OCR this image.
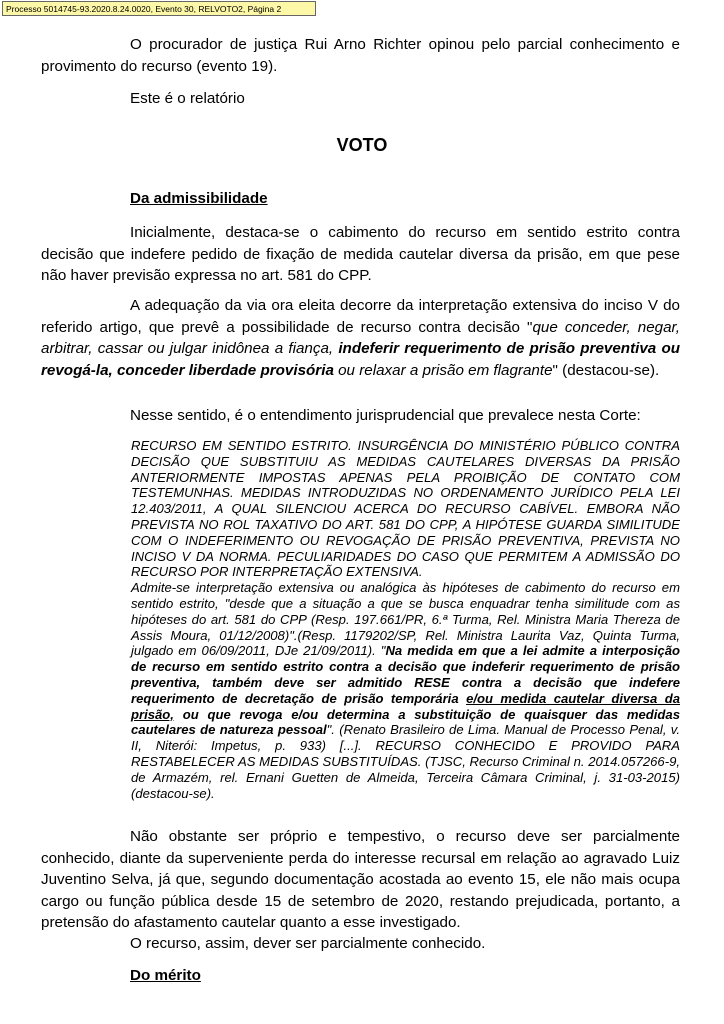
Processo 5014745-93.2020.8.24.0020, Evento 30, RELVOTO2, Página 2

O procurador de justiça Rui Arno Richter opinou pelo parcial conhecimento e provimento do recurso (evento 19).

Este é o relatório

VOTO
Da admissibilidade

Inicialmente, destaca-se o cabimento do recurso em sentido estrito contra decisão que indefere pedido de fixação de medida cautelar diversa da prisão, em que pese não haver previsão expressa no art. 581 do CPP.

A adequação da via ora eleita decorre da interpretação extensiva do inciso V do referido artigo, que prevê a possibilidade de recurso contra decisão "que conceder, negar, arbitrar, cassar ou julgar inidônea a fiança, indeferir requerimento de prisão preventiva ou revogá-la, conceder liberdade provisória ou relaxar a prisão em flagrante" (destacou-se).

Nesse sentido, é o entendimento jurisprudencial que prevalece nesta Corte:

RECURSO EM SENTIDO ESTRITO. INSURGÊNCIA DO MINISTÉRIO PÚBLICO CONTRA DECISÃO QUE SUBSTITUIU AS MEDIDAS CAUTELARES DIVERSAS DA PRISÃO ANTERIORMENTE IMPOSTAS APENAS PELA PROIBIÇÃO DE CONTATO COM TESTEMUNHAS. MEDIDAS INTRODUZIDAS NO ORDENAMENTO JURÍDICO PELA LEI 12.403/2011, A QUAL SILENCIOU ACERCA DO RECURSO CABÍVEL. EMBORA NÃO PREVISTA NO ROL TAXATIVO DO ART. 581 DO CPP, A HIPÓTESE GUARDA SIMILITUDE COM O INDEFERIMENTO OU REVOGAÇÃO DE PRISÃO PREVENTIVA, PREVISTA NO INCISO V DA NORMA. PECULIARIDADES DO CASO QUE PERMITEM A ADMISSÃO DO RECURSO POR INTERPRETAÇÃO EXTENSIVA.
Admite-se interpretação extensiva ou analógica às hipóteses de cabimento do recurso em sentido estrito, "desde que a situação a que se busca enquadrar tenha similitude com as hipóteses do art. 581 do CPP (Resp. 197.661/PR, 6.ª Turma, Rel. Ministra Maria Thereza de Assis Moura, 01/12/2008)".(Resp. 1179202/SP, Rel. Ministra Laurita Vaz, Quinta Turma, julgado em 06/09/2011, DJe 21/09/2011). "Na medida em que a lei admite a interposição de recurso em sentido estrito contra a decisão que indeferir requerimento de prisão preventiva, também deve ser admitido RESE contra a decisão que indefere requerimento de decretação de prisão temporária e/ou medida cautelar diversa da prisão, ou que revoga e/ou determina a substituição de quaisquer das medidas cautelares de natureza pessoal". (Renato Brasileiro de Lima. Manual de Processo Penal, v. II, Niterói: Impetus, p. 933) [...]. RECURSO CONHECIDO E PROVIDO PARA RESTABELECER AS MEDIDAS SUBSTITUÍDAS. (TJSC, Recurso Criminal n. 2014.057266-9, de Armazém, rel. Ernani Guetten de Almeida, Terceira Câmara Criminal, j. 31-03-2015) (destacou-se).

Não obstante ser próprio e tempestivo, o recurso deve ser parcialmente conhecido, diante da superveniente perda do interesse recursal em relação ao agravado Luiz Juventino Selva, já que, segundo documentação acostada ao evento 15, ele não mais ocupa cargo ou função pública desde 15 de setembro de 2020, restando prejudicada, portanto, a pretensão do afastamento cautelar quanto a esse investigado.

O recurso, assim, dever ser parcialmente conhecido.

Do mérito
